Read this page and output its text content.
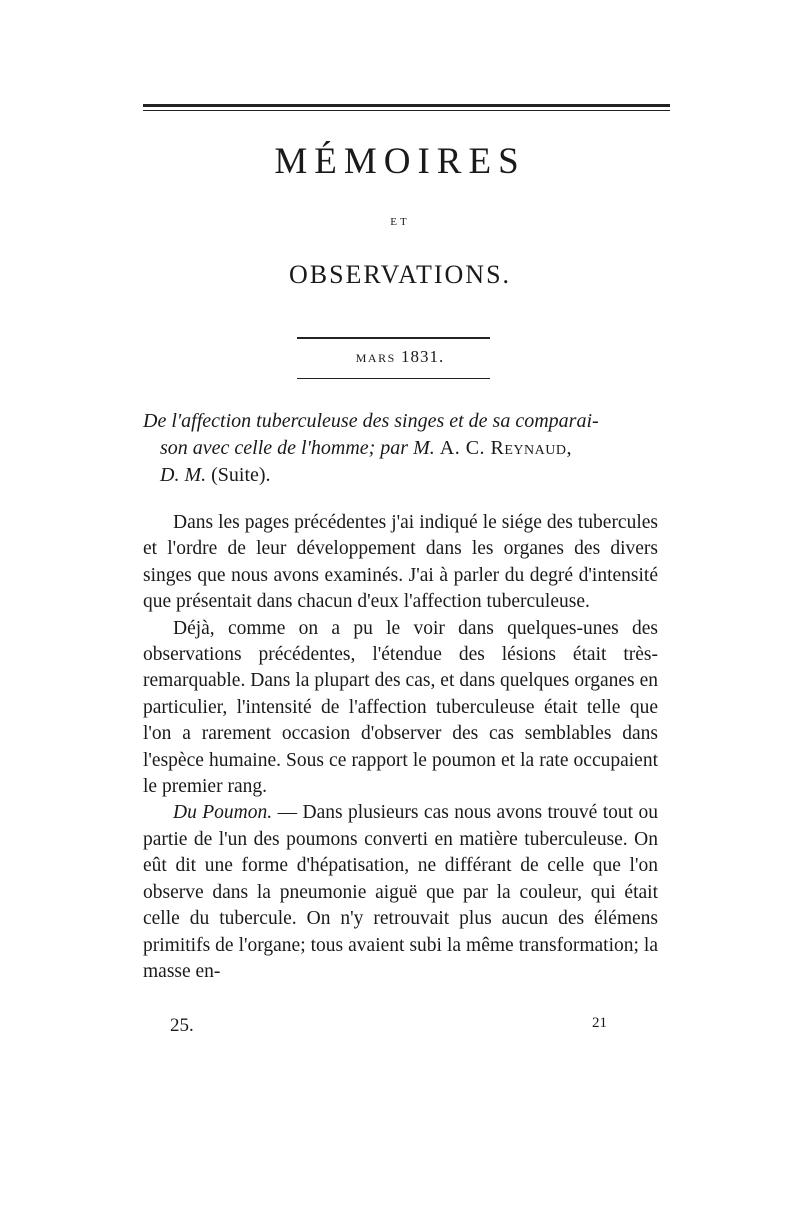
MÉMOIRES
ET
OBSERVATIONS.
MARS 1831.
De l'affection tuberculeuse des singes et de sa comparai-
son avec celle de l'homme; par M. A. C. Reynaud,
D. M. (Suite).

Dans les pages précédentes j'ai indiqué le siége des tubercules et l'ordre de leur développement dans les organes des divers singes que nous avons examinés. J'ai à parler du degré d'intensité que présentait dans chacun d'eux l'affection tuberculeuse.

Déjà, comme on a pu le voir dans quelques-unes des observations précédentes, l'étendue des lésions était très-remarquable. Dans la plupart des cas, et dans quelques organes en particulier, l'intensité de l'affection tuberculeuse était telle que l'on a rarement occasion d'observer des cas semblables dans l'espèce humaine. Sous ce rapport le poumon et la rate occupaient le premier rang.

Du Poumon. — Dans plusieurs cas nous avons trouvé tout ou partie de l'un des poumons converti en matière tuberculeuse. On eût dit une forme d'hépatisation, ne différant de celle que l'on observe dans la pneumonie aiguë que par la couleur, qui était celle du tubercule. On n'y retrouvait plus aucun des élémens primitifs de l'organe; tous avaient subi la même transformation; la masse en-

25.	21
